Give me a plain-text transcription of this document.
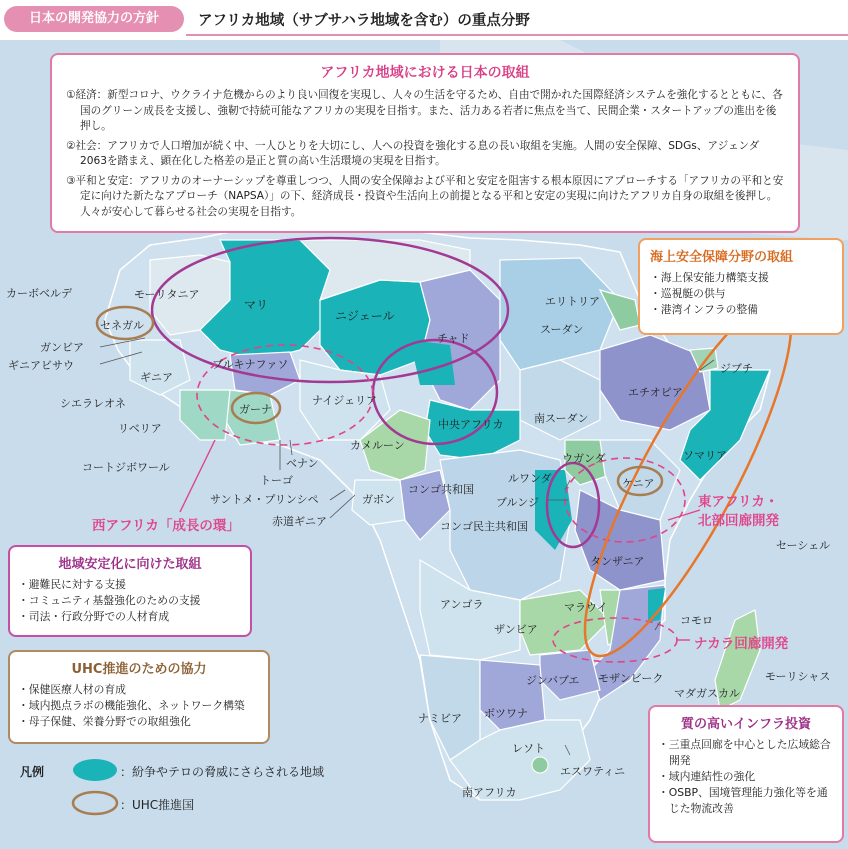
日本の開発協力の方針	アフリカ地域（サブサハラ地域を含む）の重点分野
アフリカ地域における日本の取組

①経済：新型コロナ、ウクライナ危機からのより良い回復を実現し、人々の生活を守るため、自由で開かれた国際経済システムを強化するとともに、各国のグリーン成長を支援し、強靭で持続可能なアフリカの実現を目指す。また、活力ある若者に焦点を当て、民間企業・スタートアップの進出を後押し。

②社会：アフリカで人口増加が続く中、一人ひとりを大切にし、人への投資を強化する息の長い取組を実施。人間の安全保障、SDGs、アジェンダ2063を踏まえ、顕在化した格差の是正と質の高い生活環境の実現を目指す。

③平和と安定：アフリカのオーナーシップを尊重しつつ、人間の安全保障および平和と安定を阻害する根本原因にアプローチする「アフリカの平和と安定に向けた新たなアプローチ（NAPSA）」の下、経済成長・投資や生活向上の前提となる平和と安定の実現に向けたアフリカ自身の取組を後押し。人々が安心して暮らせる社会の実現を目指す。

海上安全保障分野の取組
・ 海上保安能力構築支援
・ 巡視艇の供与
・ 港湾インフラの整備
カーボベルデ	モーリタニア
マリ
ニジェール
チャド
スーダン
エリトリア
ジブチ
エチオピア
ソマリア
セネガル
ガンビア
ギニアビサウ
ギニア
シエラレオネ
リベリア
コートジボワール
ブルキナファソ
ガーナ
ナイジェリア
ベナン
トーゴ
サントメ・プリンシペ
赤道ギニア
カメルーン
中央アフリカ	南スーダン
ガボン
コンゴ共和国
コンゴ民主共和国
ウガンダ
ケニア
ルワンダ
ブルンジ
タンザニア
セーシェル
アンゴラ
ザンビア
マラウイ
コモロ
モザンビーク
ジンバブエ
マダガスカル
モーリシャス
ナミビア ボツワナ
レソト
エスワティニ
南アフリカ
西アフリカ「成長の環」
東アフリカ・
北部回廊開発
ナカラ回廊開発
地域安定化に向けた取組
・ 避難民に対する支援
・ コミュニティ基盤強化のための支援
・ 司法・行政分野での人材育成
UHC推進のための協力
・ 保健医療人材の育成
・ 域内拠点ラボの機能強化、ネットワーク構築
・ 母子保健、栄養分野での取組強化	質の高いインフラ投資
・ 三重点回廊を中心とした広域総合開発
・ 域内連結性の強化
・ OSBP、国境管理能力強化等を通じた物流改善
凡例	：紛争やテロの脅威にさらされる地域
：UHC推進国
